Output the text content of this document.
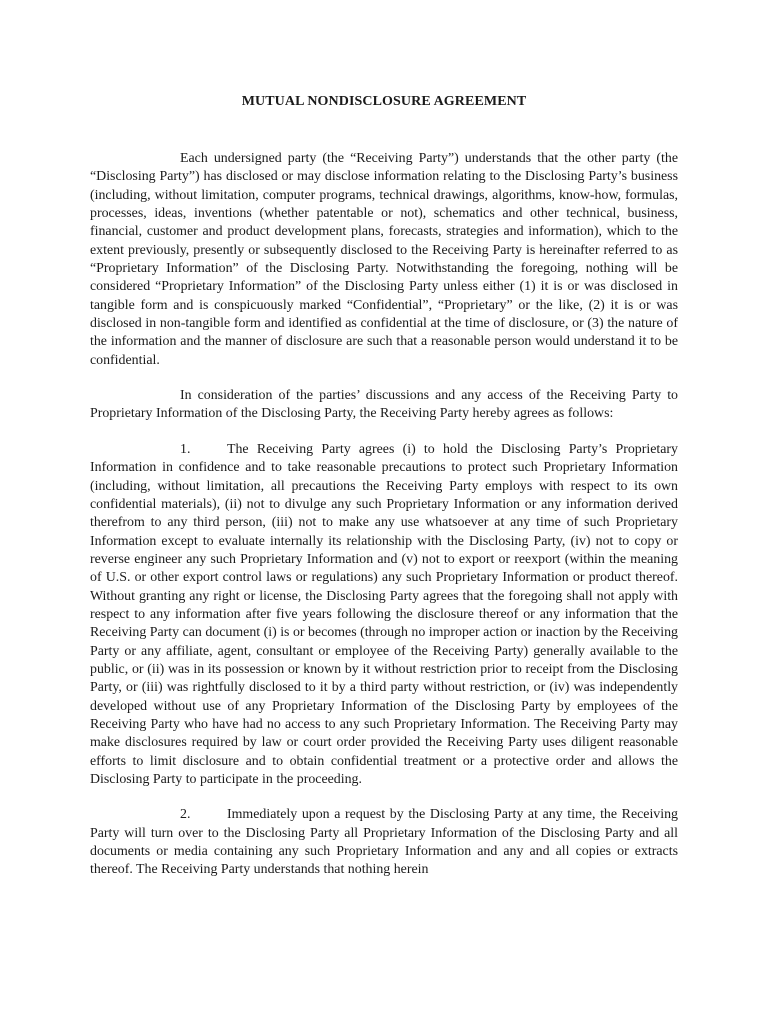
MUTUAL NONDISCLOSURE AGREEMENT

Each undersigned party (the “Receiving Party”) understands that the other party (the “Disclosing Party”) has disclosed or may disclose information relating to the Disclosing Party’s business (including, without limitation, computer programs, technical drawings, algorithms, know-how, formulas, processes, ideas, inventions (whether patentable or not), schematics and other technical, business, financial, customer and product development plans, forecasts, strategies and information), which to the extent previously, presently or subsequently disclosed to the Receiving Party is hereinafter referred to as “Proprietary Information” of the Disclosing Party. Notwithstanding the foregoing, nothing will be considered “Proprietary Information” of the Disclosing Party unless either (1) it is or was disclosed in tangible form and is conspicuously marked “Confidential”, “Proprietary” or the like, (2) it is or was disclosed in non-tangible form and identified as confidential at the time of disclosure, or (3) the nature of the information and the manner of disclosure are such that a reasonable person would understand it to be confidential.

In consideration of the parties’ discussions and any access of the Receiving Party to Proprietary Information of the Disclosing Party, the Receiving Party hereby agrees as follows:

1.	The Receiving Party agrees (i) to hold the Disclosing Party’s Proprietary Information in confidence and to take reasonable precautions to protect such Proprietary Information (including, without limitation, all precautions the Receiving Party employs with respect to its own confidential materials), (ii) not to divulge any such Proprietary Information or any information derived therefrom to any third person, (iii) not to make any use whatsoever at any time of such Proprietary Information except to evaluate internally its relationship with the Disclosing Party, (iv) not to copy or reverse engineer any such Proprietary Information and (v) not to export or reexport (within the meaning of U.S. or other export control laws or regulations) any such Proprietary Information or product thereof. Without granting any right or license, the Disclosing Party agrees that the foregoing shall not apply with respect to any information after five years following the disclosure thereof or any information that the Receiving Party can document (i) is or becomes (through no improper action or inaction by the Receiving Party or any affiliate, agent, consultant or employee of the Receiving Party) generally available to the public, or (ii) was in its possession or known by it without restriction prior to receipt from the Disclosing Party, or (iii) was rightfully disclosed to it by a third party without restriction, or (iv) was independently developed without use of any Proprietary Information of the Disclosing Party by employees of the Receiving Party who have had no access to any such Proprietary Information. The Receiving Party may make disclosures required by law or court order provided the Receiving Party uses diligent reasonable efforts to limit disclosure and to obtain confidential treatment or a protective order and allows the Disclosing Party to participate in the proceeding.

2.	Immediately upon a request by the Disclosing Party at any time, the Receiving Party will turn over to the Disclosing Party all Proprietary Information of the Disclosing Party and all documents or media containing any such Proprietary Information and any and all copies or extracts thereof. The Receiving Party understands that nothing herein
